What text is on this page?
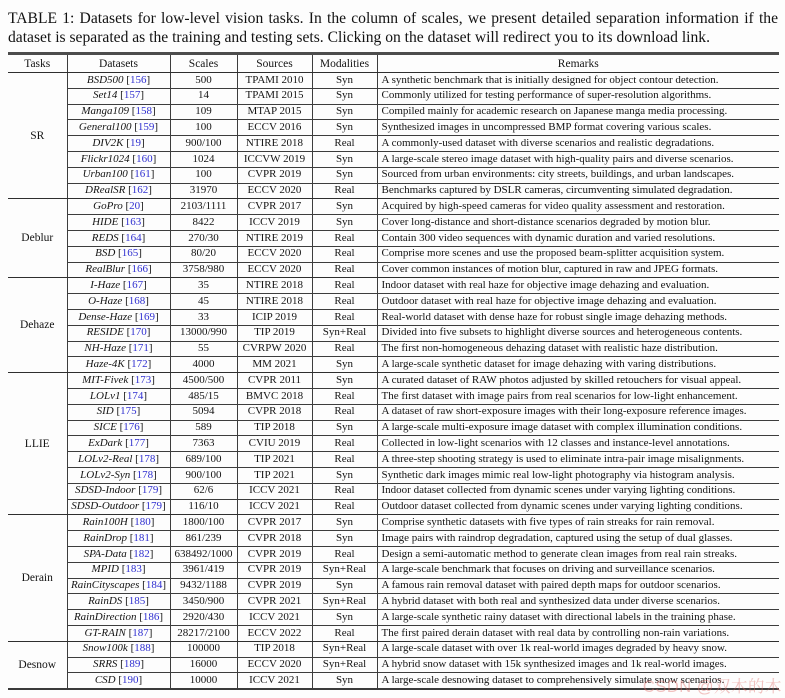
TABLE 1: Datasets for low-level vision tasks. In the column of scales, we present detailed separation information if the dataset is separated as the training and testing sets. Clicking on the dataset will redirect you to its download link.

Tasks	Datasets	Scales	Sources	Modalities	Remarks
SR	BSD500 [156]	500	TPAMI 2010	Syn	A synthetic benchmark that is initially designed for object contour detection.
	Set14 [157]	14	TPAMI 2015	Syn	Commonly utilized for testing performance of super-resolution algorithms.
	Manga109 [158]	109	MTAP 2015	Syn	Compiled mainly for academic research on Japanese manga media processing.
	General100 [159]	100	ECCV 2016	Syn	Synthesized images in uncompressed BMP format covering various scales.
	DIV2K [19]	900/100	NTIRE 2018	Real	A commonly-used dataset with diverse scenarios and realistic degradations.
	Flickr1024 [160]	1024	ICCVW 2019	Syn	A large-scale stereo image dataset with high-quality pairs and diverse scenarios.
	Urban100 [161]	100	CVPR 2019	Syn	Sourced from urban environments: city streets, buildings, and urban landscapes.
	DRealSR [162]	31970	ECCV 2020	Real	Benchmarks captured by DSLR cameras, circumventing simulated degradation.
Deblur	GoPro [20]	2103/1111	CVPR 2017	Syn	Acquired by high-speed cameras for video quality assessment and restoration.
	HIDE [163]	8422	ICCV 2019	Syn	Cover long-distance and short-distance scenarios degraded by motion blur.
	REDS [164]	270/30	NTIRE 2019	Real	Contain 300 video sequences with dynamic duration and varied resolutions.
	BSD [165]	80/20	ECCV 2020	Real	Comprise more scenes and use the proposed beam-splitter acquisition system.
	RealBlur [166]	3758/980	ECCV 2020	Real	Cover common instances of motion blur, captured in raw and JPEG formats.
Dehaze	I-Haze [167]	35	NTIRE 2018	Real	Indoor dataset with real haze for objective image dehazing and evaluation.
	O-Haze [168]	45	NTIRE 2018	Real	Outdoor dataset with real haze for objective image dehazing and evaluation.
	Dense-Haze [169]	33	ICIP 2019	Real	Real-world dataset with dense haze for robust single image dehazing methods.
	RESIDE [170]	13000/990	TIP 2019	Syn+Real	Divided into five subsets to highlight diverse sources and heterogeneous contents.
	NH-Haze [171]	55	CVRPW 2020	Real	The first non-homogeneous dehazing dataset with realistic haze distribution.
	Haze-4K [172]	4000	MM 2021	Syn	A large-scale synthetic dataset for image dehazing with varing distributions.
LLIE	MIT-Fivek [173]	4500/500	CVPR 2011	Syn	A curated dataset of RAW photos adjusted by skilled retouchers for visual appeal.
	LOLv1 [174]	485/15	BMVC 2018	Real	The first dataset with image pairs from real scenarios for low-light enhancement.
	SID [175]	5094	CVPR 2018	Real	A dataset of raw short-exposure images with their long-exposure reference images.
	SICE [176]	589	TIP 2018	Syn	A large-scale multi-exposure image dataset with complex illumination conditions.
	ExDark [177]	7363	CVIU 2019	Real	Collected in low-light scenarios with 12 classes and instance-level annotations.
	LOLv2-Real [178]	689/100	TIP 2021	Real	A three-step shooting strategy is used to eliminate intra-pair image misalignments.
	LOLv2-Syn [178]	900/100	TIP 2021	Syn	Synthetic dark images mimic real low-light photography via histogram analysis.
	SDSD-Indoor [179]	62/6	ICCV 2021	Real	Indoor dataset collected from dynamic scenes under varying lighting conditions.
	SDSD-Outdoor [179]	116/10	ICCV 2021	Real	Outdoor dataset collected from dynamic scenes under varying lighting conditions.
Derain	Rain100H [180]	1800/100	CVPR 2017	Syn	Comprise synthetic datasets with five types of rain streaks for rain removal.
	RainDrop [181]	861/239	CVPR 2018	Syn	Image pairs with raindrop degradation, captured using the setup of dual glasses.
	SPA-Data [182]	638492/1000	CVPR 2019	Real	Design a semi-automatic method to generate clean images from real rain streaks.
	MPID [183]	3961/419	CVPR 2019	Syn+Real	A large-scale benchmark that focuses on driving and surveillance scenarios.
	RainCityscapes [184]	9432/1188	CVPR 2019	Syn	A famous rain removal dataset with paired depth maps for outdoor scenarios.
	RainDS [185]	3450/900	CVPR 2021	Syn+Real	A hybrid dataset with both real and synthesized data under diverse scenarios.
	RainDirection [186]	2920/430	ICCV 2021	Syn	A large-scale synthetic rainy dataset with directional labels in the training phase.
	GT-RAIN [187]	28217/2100	ECCV 2022	Real	The first paired derain dataset with real data by controlling non-rain variations.
Desnow	Snow100k [188]	100000	TIP 2018	Syn+Real	A large-scale dataset with over 1k real-world images degraded by heavy snow.
	SRRS [189]	16000	ECCV 2020	Syn+Real	A hybrid snow dataset with 15k synthesized images and 1k real-world images.
	CSD [190]	10000	ICCV 2021	Syn	A large-scale desnowing dataset to comprehensively simulate snow scenarios.
CSDN @双木的木
